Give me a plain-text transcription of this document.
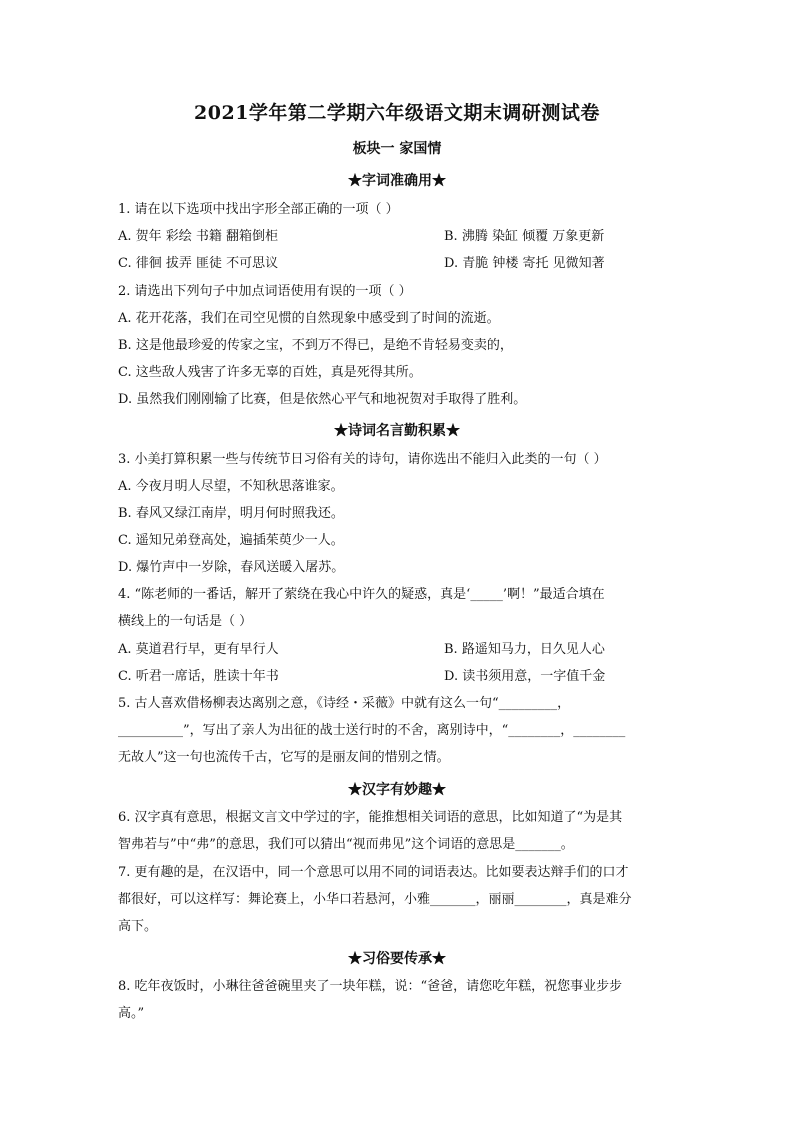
2021学年第二学期六年级语文期末调研测试卷
板块一 家国情
★字词准确用★
1. 请在以下选项中找出字形全部正确的一项（ ）
A. 贺年 彩绘 书籍 翻箱倒柜	B. 沸腾 染缸 倾覆 万象更新
C. 徘徊 拔弄 匪徒 不可思议	D. 青脆 钟楼 寄托 见微知著
2. 请选出下列句子中加点词语使用有误的一项（ ）
A. 花开花落，我们在司空见惯的自然现象中感受到了时间的流逝。
B. 这是他最珍爱的传家之宝，不到万不得已，是绝不肯轻易变卖的，
C. 这些敌人残害了许多无辜的百姓，真是死得其所。
D. 虽然我们刚刚输了比赛，但是依然心平气和地祝贺对手取得了胜利。
★诗词名言勤积累★
3. 小美打算积累一些与传统节日习俗有关的诗句，请你选出不能归入此类的一句（ ）
A. 今夜月明人尽望，不知秋思落谁家。
B. 春风又绿江南岸，明月何时照我还。
C. 遥知兄弟登高处，遍插茱萸少一人。
D. 爆竹声中一岁除，春风送暖入屠苏。
4. “陈老师的一番话，解开了萦绕在我心中许久的疑惑，真是‘_____’啊！”最适合填在
横线上的一句话是（ ）
A. 莫道君行早，更有早行人	B. 路遥知马力，日久见人心
C. 听君一席话，胜读十年书	D. 读书须用意，一字值千金
5. 古人喜欢借杨柳表达离别之意，《诗经・采薇》中就有这么一句“_________，
__________”，写出了亲人为出征的战士送行时的不舍，离别诗中，“________，________
无故人”这一句也流传千古，它写的是丽友间的惜别之情。
★汉字有妙趣★
6. 汉字真有意思，根据文言文中学过的字，能推想相关词语的意思，比如知道了“为是其
智弗若与”中“弗”的意思，我们可以猜出“视而弗见”这个词语的意思是_______。
7. 更有趣的是，在汉语中，同一个意思可以用不同的词语表达。比如要表达辩手们的口才
都很好，可以这样写：舞论赛上，小华口若悬河，小雅_______，丽丽________，真是难分
高下。
★习俗要传承★
8. 吃年夜饭时，小琳往爸爸碗里夹了一块年糕，说：“爸爸，请您吃年糕，祝您事业步步
高。”
